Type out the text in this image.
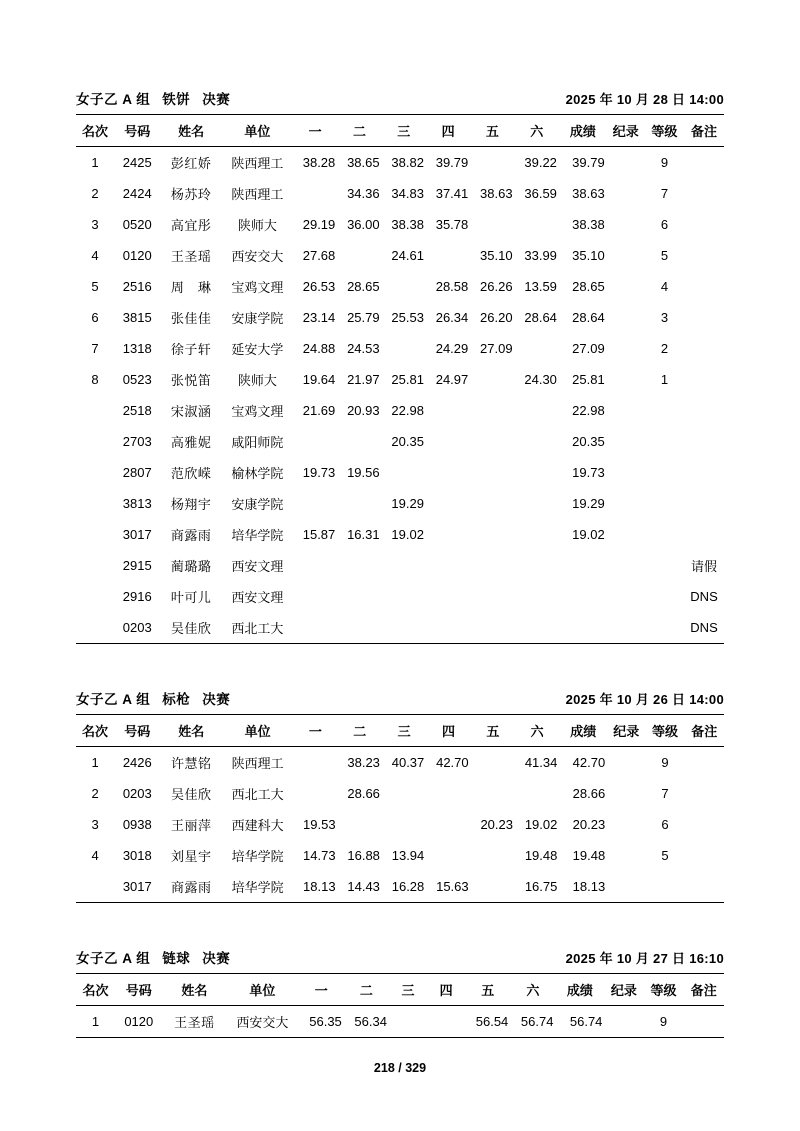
女子乙 A 组 铁饼 决赛	2025 年 10 月 28 日 14:00
名次	号码	姓名	单位	一	二	三	四	五	六	成绩	纪录	等级	备注
1	2425	彭红娇	陕西理工	38.28	38.65	38.82	39.79		39.22	39.79		9	
2	2424	杨苏玲	陕西理工		34.36	34.83	37.41	38.63	36.59	38.63		7	
3	0520	高宜彤	陕师大	29.19	36.00	38.38	35.78			38.38		6	
4	0120	王圣瑶	西安交大	27.68		24.61		35.10	33.99	35.10		5	
5	2516	周　琳	宝鸡文理	26.53	28.65		28.58	26.26	13.59	28.65		4	
6	3815	张佳佳	安康学院	23.14	25.79	25.53	26.34	26.20	28.64	28.64		3	
7	1318	徐子轩	延安大学	24.88	24.53		24.29	27.09		27.09		2	
8	0523	张悦笛	陕师大	19.64	21.97	25.81	24.97		24.30	25.81		1	
	2518	宋淑涵	宝鸡文理	21.69	20.93	22.98				22.98			
	2703	高雅妮	咸阳师院			20.35				20.35			
	2807	范欣嵘	榆林学院	19.73	19.56					19.73			
	3813	杨翔宇	安康学院			19.29				19.29			
	3017	商露雨	培华学院	15.87	16.31	19.02				19.02			
	2915	蔺璐璐	西安文理										请假
	2916	叶可儿	西安文理										DNS
	0203	吴佳欣	西北工大										DNS
女子乙 A 组 标枪 决赛	2025 年 10 月 26 日 14:00
名次	号码	姓名	单位	一	二	三	四	五	六	成绩	纪录	等级	备注
1	2426	许慧铭	陕西理工		38.23	40.37	42.70		41.34	42.70		9	
2	0203	吴佳欣	西北工大		28.66					28.66		7	
3	0938	王丽萍	西建科大	19.53				20.23	19.02	20.23		6	
4	3018	刘星宇	培华学院	14.73	16.88	13.94			19.48	19.48		5	
	3017	商露雨	培华学院	18.13	14.43	16.28	15.63		16.75	18.13			
女子乙 A 组 链球 决赛	2025 年 10 月 27 日 16:10
名次	号码	姓名	单位	一	二	三	四	五	六	成绩	纪录	等级	备注
1	0120	王圣瑶	西安交大	56.35	56.34			56.54	56.74	56.74		9	
218 / 329
